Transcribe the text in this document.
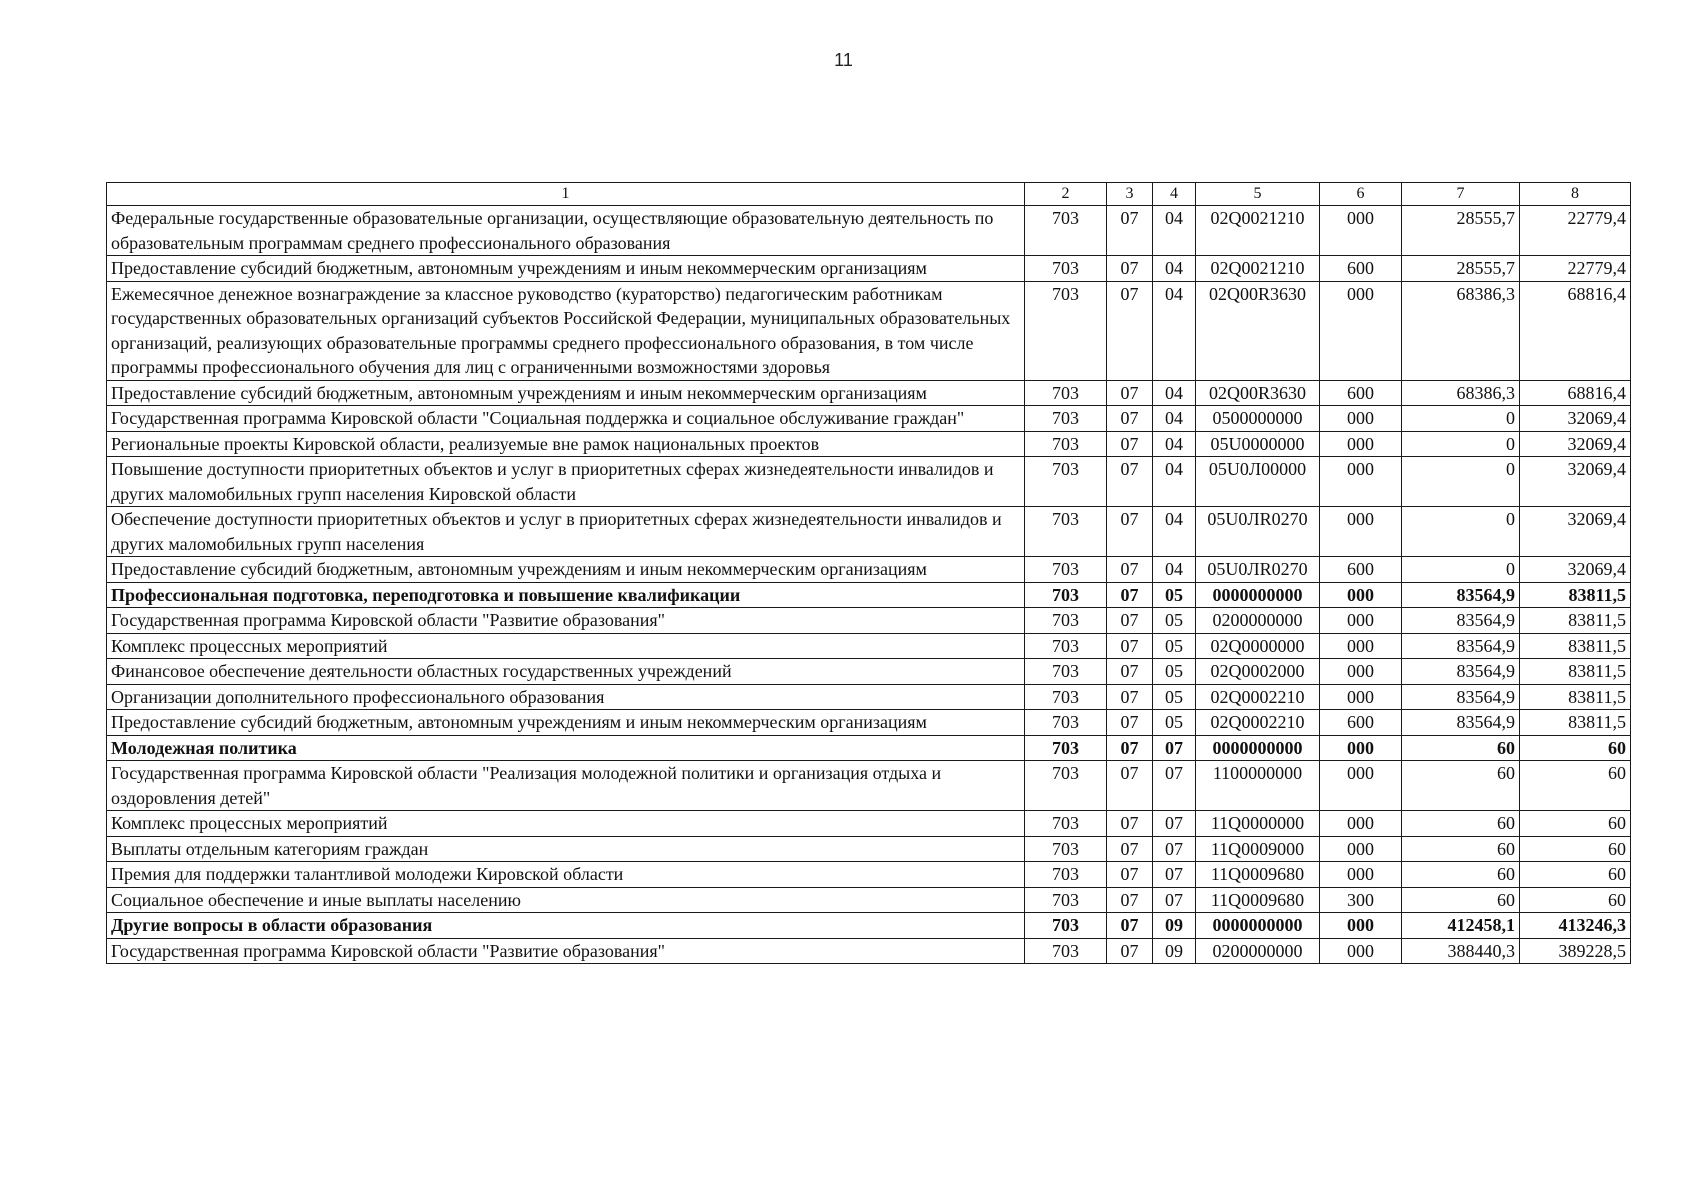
11
1	2	3	4	5	6	7	8
Федеральные государственные образовательные организации, осуществляющие образовательную деятельность по образовательным программам среднего профессионального образования	703	07	04	02Q0021210	000	28555,7	22779,4
Предоставление субсидий бюджетным, автономным учреждениям и иным некоммерческим организациям	703	07	04	02Q0021210	600	28555,7	22779,4
Ежемесячное денежное вознаграждение за классное руководство (кураторство) педагогическим работникам государственных образовательных организаций субъектов Российской Федерации, муниципальных образовательных организаций, реализующих образовательные программы среднего профессионального образования, в том числе программы профессионального обучения для лиц с ограниченными возможностями здоровья	703	07	04	02Q00R3630	000	68386,3	68816,4
Предоставление субсидий бюджетным, автономным учреждениям и иным некоммерческим организациям	703	07	04	02Q00R3630	600	68386,3	68816,4
Государственная программа Кировской области "Социальная поддержка и социальное обслуживание граждан"	703	07	04	0500000000	000	0	32069,4
Региональные проекты Кировской области, реализуемые вне рамок национальных проектов	703	07	04	05U0000000	000	0	32069,4
Повышение доступности приоритетных объектов и услуг в приоритетных сферах жизнедеятельности инвалидов и других маломобильных групп населения Кировской области	703	07	04	05U0Л00000	000	0	32069,4
Обеспечение доступности приоритетных объектов и услуг в приоритетных сферах жизнедеятельности инвалидов и других маломобильных групп населения	703	07	04	05U0ЛR0270	000	0	32069,4
Предоставление субсидий бюджетным, автономным учреждениям и иным некоммерческим организациям	703	07	04	05U0ЛR0270	600	0	32069,4
Профессиональная подготовка, переподготовка и повышение квалификации	703	07	05	0000000000	000	83564,9	83811,5
Государственная программа Кировской области "Развитие образования"	703	07	05	0200000000	000	83564,9	83811,5
Комплекс процессных мероприятий	703	07	05	02Q0000000	000	83564,9	83811,5
Финансовое обеспечение деятельности областных государственных учреждений	703	07	05	02Q0002000	000	83564,9	83811,5
Организации дополнительного профессионального образования	703	07	05	02Q0002210	000	83564,9	83811,5
Предоставление субсидий бюджетным, автономным учреждениям и иным некоммерческим организациям	703	07	05	02Q0002210	600	83564,9	83811,5
Молодежная политика	703	07	07	0000000000	000	60	60
Государственная программа Кировской области "Реализация молодежной политики и организация отдыха и оздоровления детей"	703	07	07	1100000000	000	60	60
Комплекс процессных мероприятий	703	07	07	11Q0000000	000	60	60
Выплаты отдельным категориям граждан	703	07	07	11Q0009000	000	60	60
Премия для поддержки талантливой молодежи Кировской области	703	07	07	11Q0009680	000	60	60
Социальное обеспечение и иные выплаты населению	703	07	07	11Q0009680	300	60	60
Другие вопросы в области образования	703	07	09	0000000000	000	412458,1	413246,3
Государственная программа Кировской области "Развитие образования"	703	07	09	0200000000	000	388440,3	389228,5
